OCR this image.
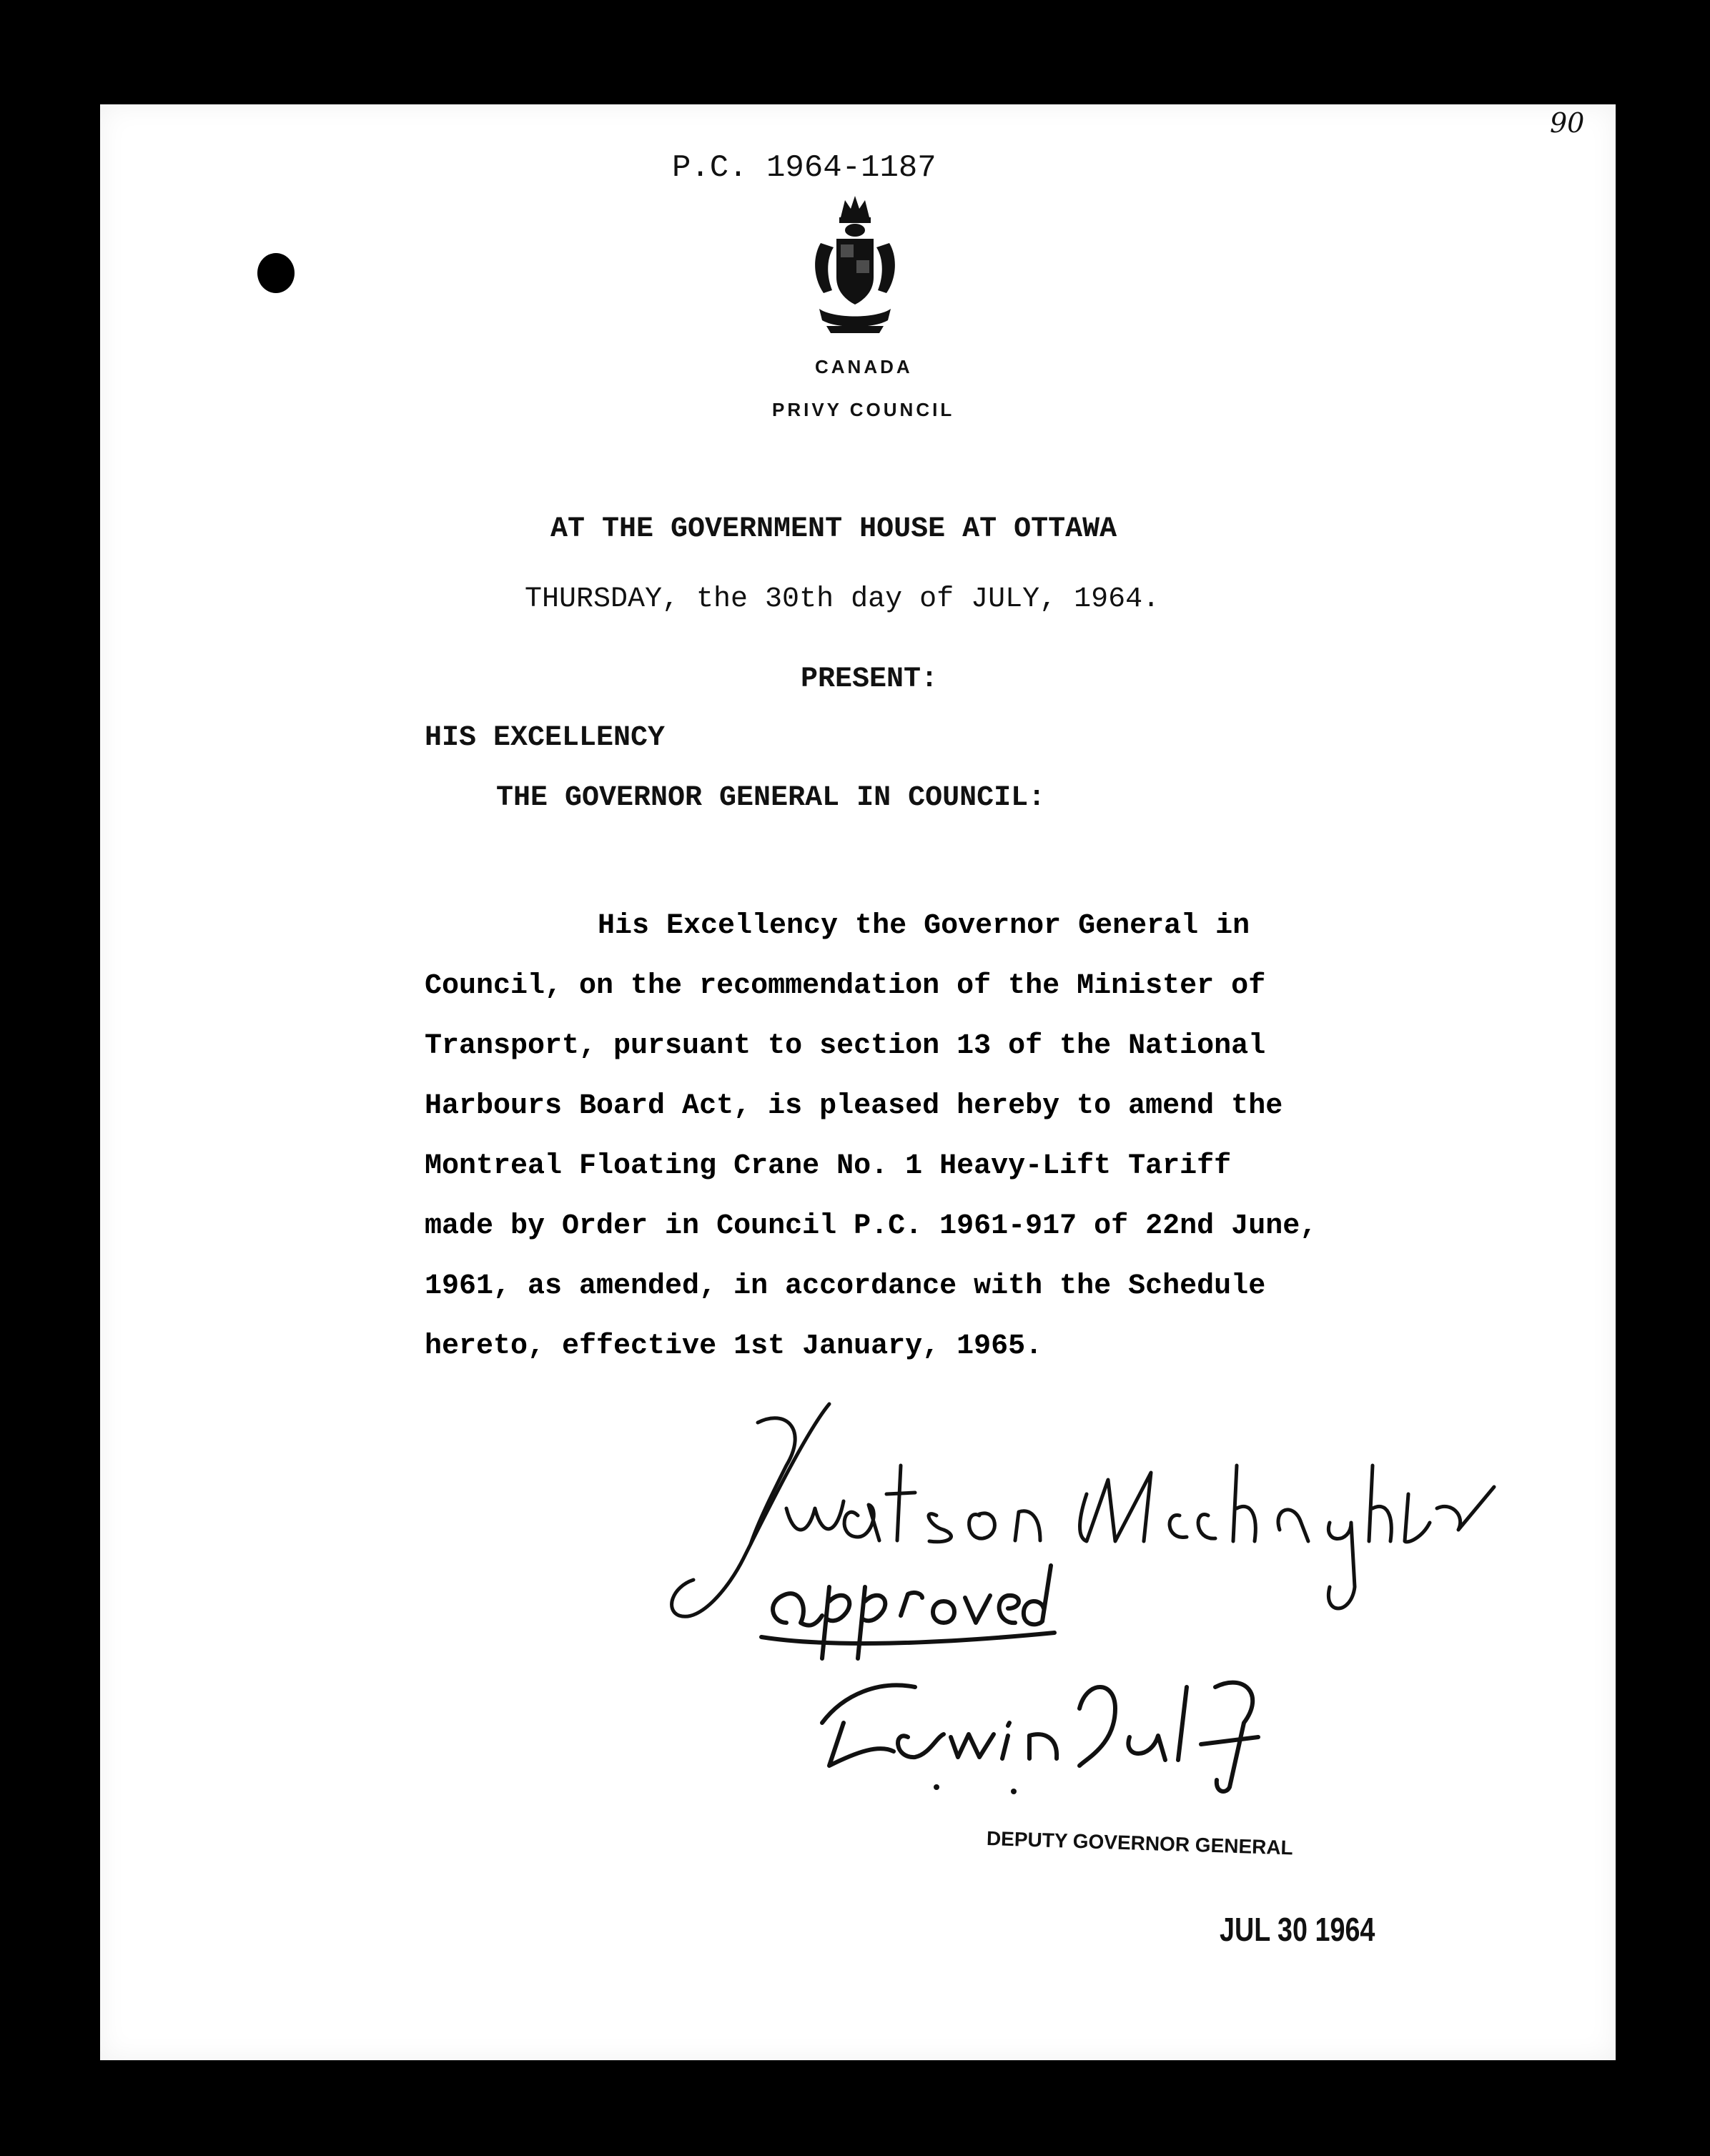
90
P.C. 1964-1187
CANADA
PRIVY COUNCIL
AT THE GOVERNMENT HOUSE AT OTTAWA
THURSDAY, the 30th day of JULY, 1964.
PRESENT:
HIS EXCELLENCY
THE GOVERNOR GENERAL IN COUNCIL:
His Excellency the Governor General in
Council, on the recommendation of the Minister of
Transport, pursuant to section 13 of the National
Harbours Board Act, is pleased hereby to amend the
Montreal Floating Crane No. 1 Heavy-Lift Tariff
made by Order in Council P.C. 1961-917 of 22nd June,
1961, as amended, in accordance with the Schedule
hereto, effective 1st January, 1965.
DEPUTY GOVERNOR GENERAL
JUL 30 1964
